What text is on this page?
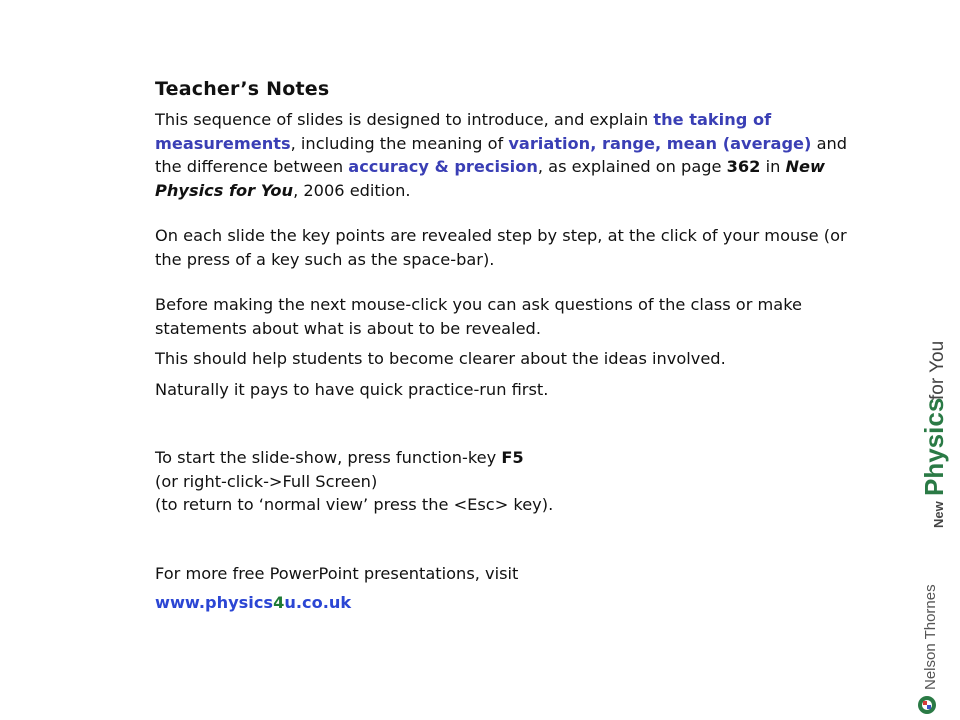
Teacher’s Notes

This sequence of slides is designed to introduce, and explain the taking of measurements, including the meaning of variation, range, mean (average) and the difference between accuracy & precision, as explained on page 362 in New Physics for You, 2006 edition.

On each slide the key points are revealed step by step, at the click of your mouse (or the press of a key such as the space-bar).

Before making the next mouse-click you can ask questions of the class or make statements about what is about to be revealed.

This should help students to become clearer about the ideas involved.

Naturally it pays to have quick practice-run first.

To start the slide-show, press function-key F5
(or right-click->Full Screen)
(to return to ‘normal view’ press the <Esc> key).

For more free PowerPoint presentations, visit

www.physics4u.co.uk
New
Physics
for You
Nelson Thornes
